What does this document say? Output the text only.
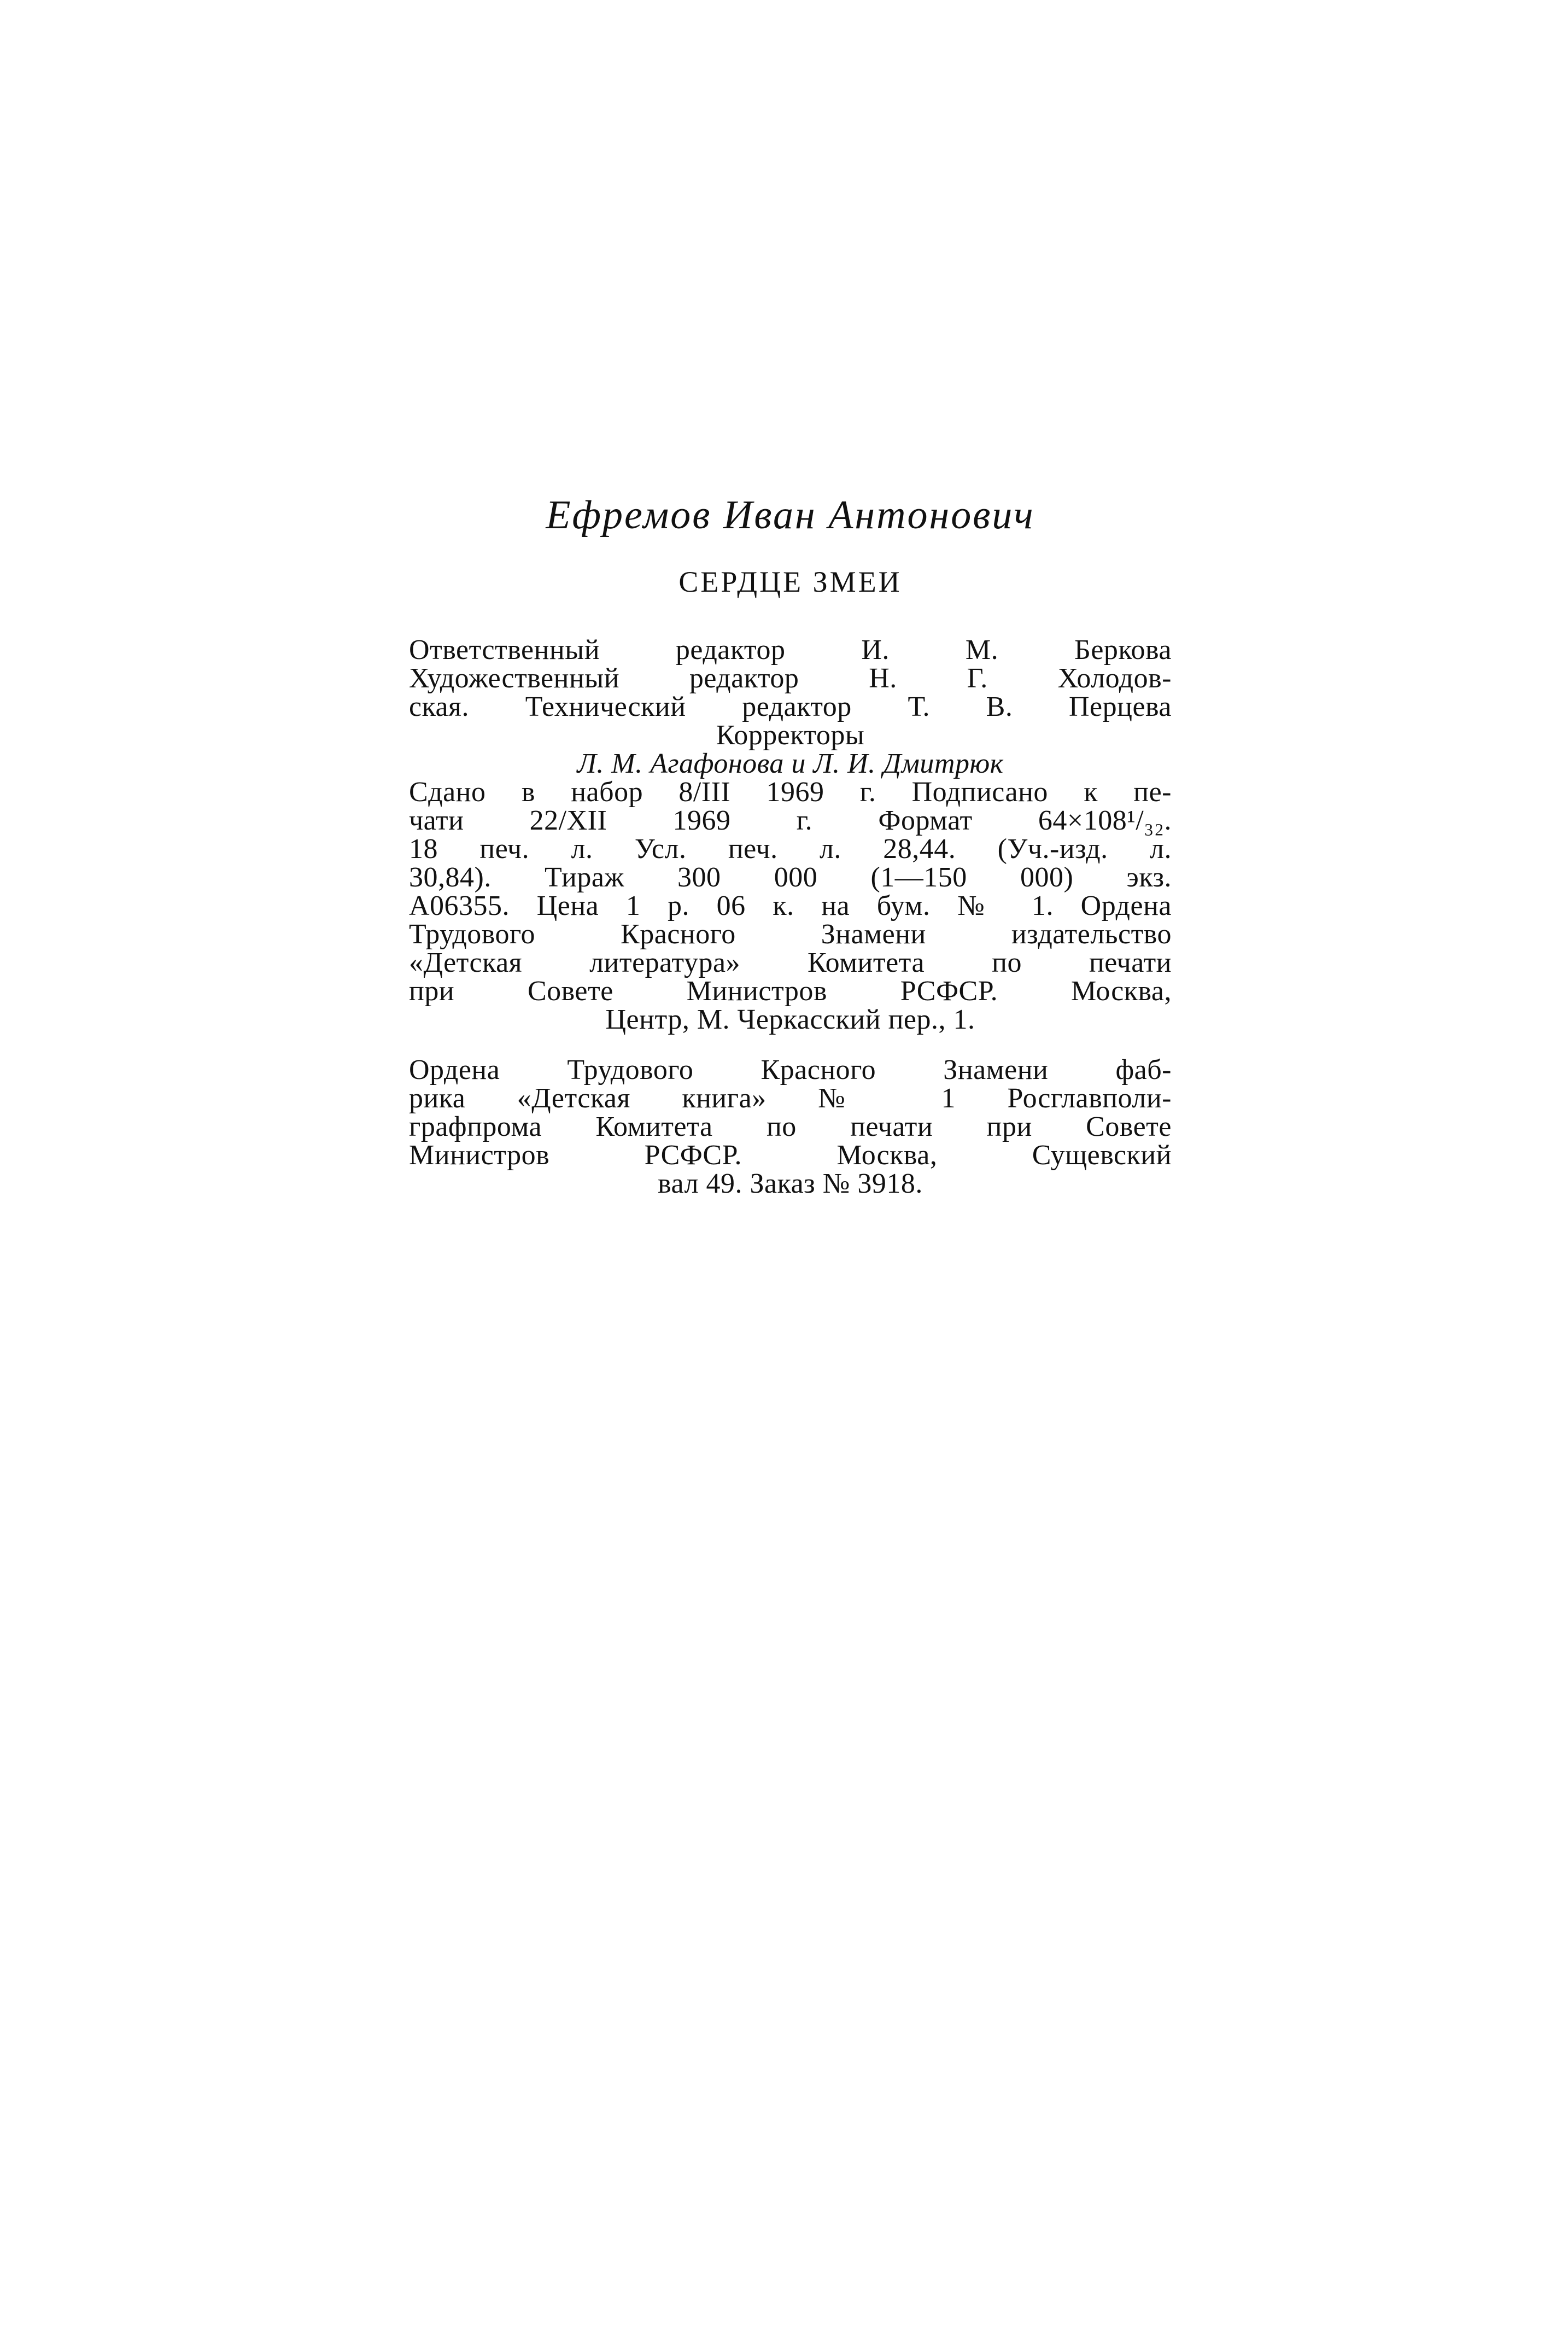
Ефремов Иван Антонович

СЕРДЦЕ ЗМЕИ
Ответственный редактор И. М. Беркова
Художественный редактор Н. Г. Холодов-
ская. Технический редактор Т. В. Перцева
Корректоры
Л. М. Агафонова и Л. И. Дмитрюк
Сдано в набор 8/III 1969 г. Подписано к пе-
чати 22/XII 1969 г. Формат 64×108¹/₃₂.
18 печ. л. Усл. печ. л. 28,44. (Уч.-изд. л.
30,84). Тираж 300 000 (1—150 000) экз.
А06355. Цена 1 р. 06 к. на бум. № 1. Ордена
Трудового Красного Знамени издательство
«Детская литература» Комитета по печати
при Совете Министров РСФСР. Москва,
Центр, М. Черкасский пер., 1.
Ордена Трудового Красного Знамени фаб-
рика «Детская книга» № 1 Росглавполи-
графпрома Комитета по печати при Совете
Министров РСФСР. Москва, Сущевский
вал 49. Заказ № 3918.
